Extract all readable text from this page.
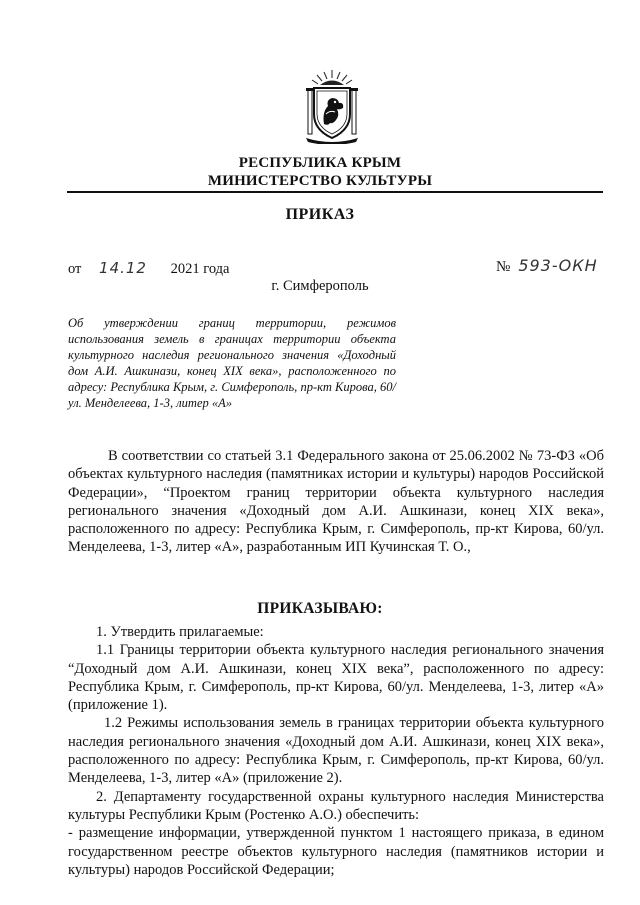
РЕСПУБЛИКА КРЫМ
МИНИСТЕРСТВО КУЛЬТУРЫ
ПРИКАЗ
от 14.12 2021 года	№ 593-ОКН
г. Симферополь
Об утверждении границ территории, режимов использования земель в границах территории объекта культурного наследия регионального значения «Доходный дом А.И. Ашкинази, конец XIX века», расположенного по адресу: Республика Крым, г. Симферополь, пр-кт Кирова, 60/ул. Менделеева, 1-3, литер «А»
В соответствии со статьей 3.1 Федерального закона от 25.06.2002 № 73-ФЗ «Об объектах культурного наследия (памятниках истории и культуры) народов Российской Федерации», “Проектом границ территории объекта культурного наследия регионального значения «Доходный дом А.И. Ашкинази, конец XIX века», расположенного по адресу: Республика Крым, г. Симферополь, пр-кт Кирова, 60/ул. Менделеева, 1-3, литер «А», разработанным ИП Кучинская Т. О.,
ПРИКАЗЫВАЮ:

1. Утвердить прилагаемые:

1.1 Границы территории объекта культурного наследия регионального значения “Доходный дом А.И. Ашкинази, конец XIX века”, расположенного по адресу: Республика Крым, г. Симферополь, пр-кт Кирова, 60/ул. Менделеева, 1-3, литер «А» (приложение 1).

1.2 Режимы использования земель в границах территории объекта культурного наследия регионального значения «Доходный дом А.И. Ашкинази, конец XIX века», расположенного по адресу: Республика Крым, г. Симферополь, пр-кт Кирова, 60/ул. Менделеева, 1-3, литер «А» (приложение 2).

2. Департаменту государственной охраны культурного наследия Министерства культуры Республики Крым (Ростенко А.О.) обеспечить:

- размещение информации, утвержденной пунктом 1 настоящего приказа, в едином государственном реестре объектов культурного наследия (памятников истории и культуры) народов Российской Федерации;
